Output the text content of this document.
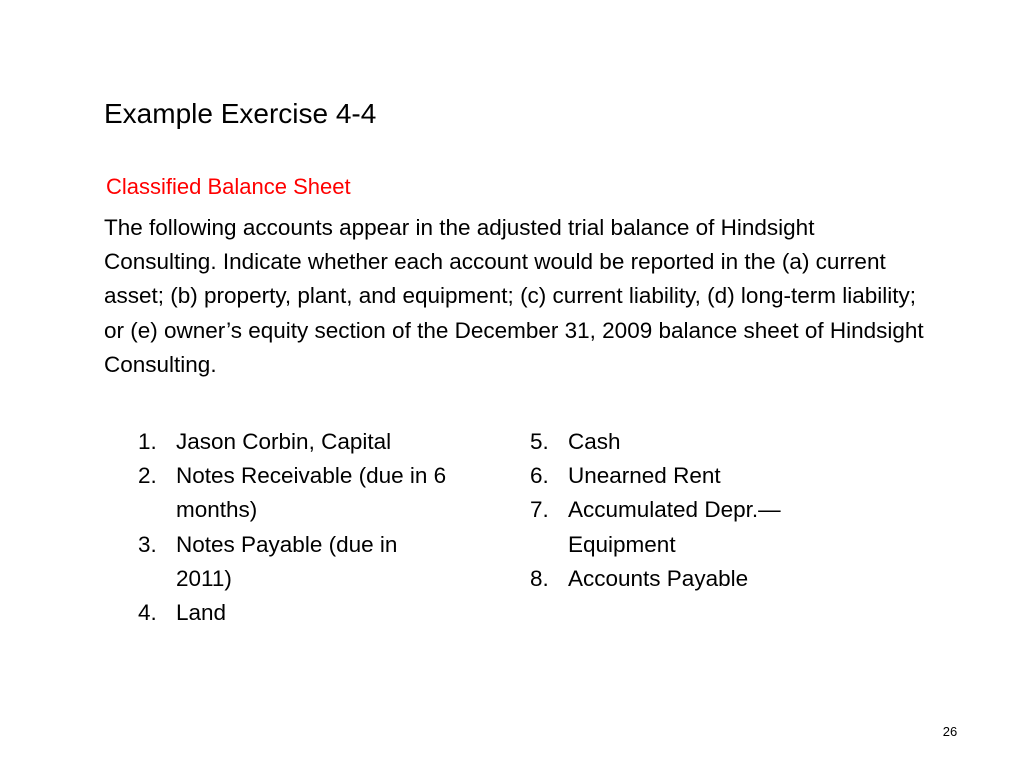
Example Exercise 4-4
Classified Balance Sheet
The following accounts appear in the adjusted trial balance of Hindsight Consulting. Indicate whether each account would be reported in the (a) current asset; (b) property, plant, and equipment; (c) current liability, (d) long-term liability; or (e) owner’s equity section of the December 31, 2009 balance sheet of Hindsight Consulting.
1. Jason Corbin, Capital
2. Notes Receivable (due in 6 months)
3. Notes Payable (due in 2011)
4. Land
5. Cash
6. Unearned Rent
7. Accumulated Depr.— Equipment
8. Accounts Payable
26
